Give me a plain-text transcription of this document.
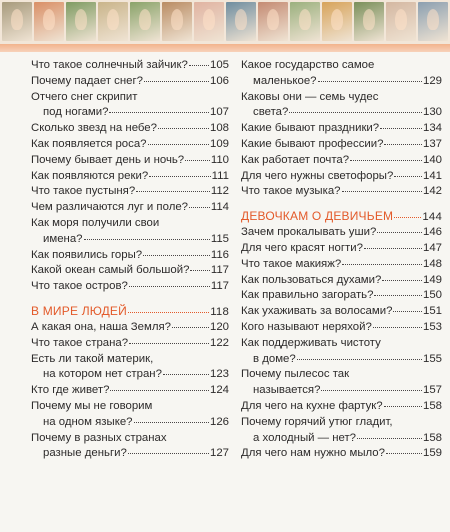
Что такое солнечный зайчик? 105
Почему падает снег?	106
Отчего снег скрипит
под ногами?	107
Сколько звезд на небе?	108
Как появляется роса?	109
Почему бывает день и ночь? 110
Как появляются реки?	111
Что такое пустыня?	112
Чем различаются луг и поле? 114
Как моря получили свои
имена?	115
Как появились горы?	116
Какой океан самый большой? 117
Что такое остров?	117
В МИРЕ ЛЮДЕЙ	118
А какая она, наша Земля?	120
Что такое страна?	122
Есть ли такой материк,
на котором нет стран?	123
Кто где живет?	124
Почему мы не говорим
на одном языке?	126
Почему в разных странах
разные деньги?	127
Какое государство самое
маленькое?	129
Каковы они — семь чудес
света?	130
Какие бывают праздники?	134
Какие бывают профессии?	137
Как работает почта?	140
Для чего нужны светофоры?	141
Что такое музыка?	142
ДЕВОЧКАМ О ДЕВИЧЬЕМ	144
Зачем прокалывать уши?	146
Для чего красят ногти?	147
Что такое макияж?	148
Как пользоваться духами?	149
Как правильно загорать?	150
Как ухаживать за волосами?	151
Кого называют неряхой?	153
Как поддерживать чистоту
в доме?	155
Почему пылесос так
называется?	157
Для чего на кухне фартук?	158
Почему горячий утюг гладит,
а холодный — нет?	158
Для чего нам нужно мыло?	159
